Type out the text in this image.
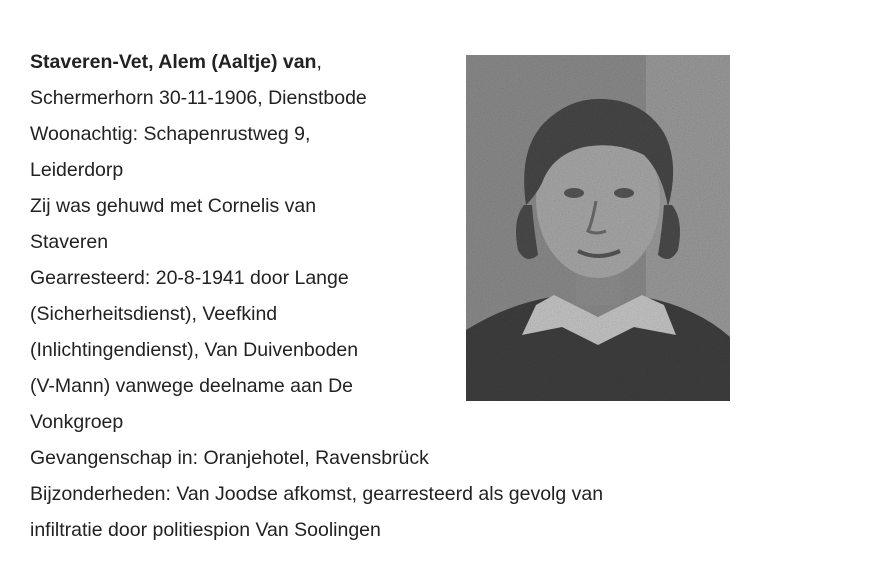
Staveren-Vet, Alem (Aaltje) van,
Schermerhorn 30-11-1906, Dienstbode
Woonachtig: Schapenrustweg 9,
Leiderdorp
Zij was gehuwd met Cornelis van
Staveren
Gearresteerd: 20-8-1941 door Lange
(Sicherheitsdienst), Veefkind
(Inlichtingendienst), Van Duivenboden
(V-Mann) vanwege deelname aan De
Vonkgroep
Gevangenschap in: Oranjehotel, Ravensbrück
Bijzonderheden: Van Joodse afkomst, gearresteerd als gevolg van
infiltratie door politiespion Van Soolingen
